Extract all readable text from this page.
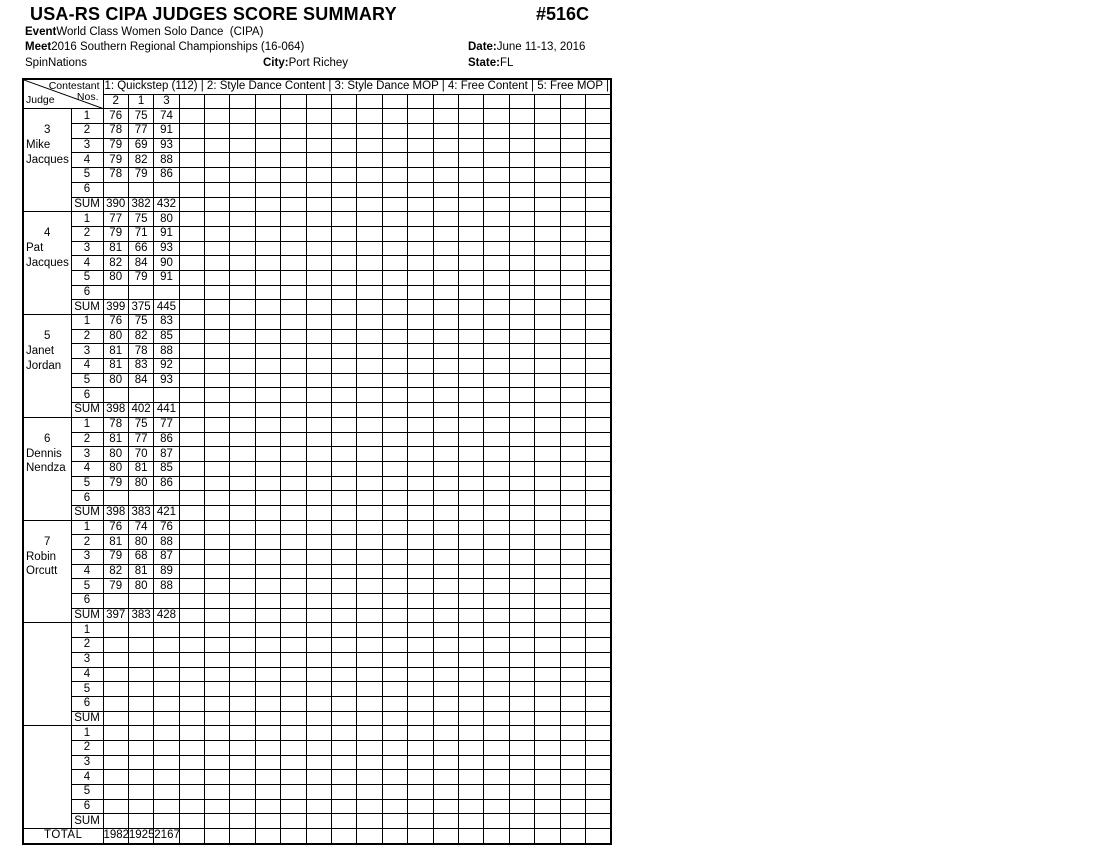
USA-RS CIPA JUDGES SCORE SUMMARY	#516C
EventWorld Class Women Solo Dance  (CIPA)
Meet2016 Southern Regional Championships (16-064)	Date:June 11-13, 2016
SpinNations	City:Port Richey	State:FL
Contestant
Nos.
Judge		1: Quickstep (112) | 2: Style Dance Content | 3: Style Dance MOP | 4: Free Content | 5: Free MOP |																			
		2	1	3																	

3
Mike
Jacques	1	76	75	74																	
	2	78	77	91																	
	3	79	69	93																	
	4	79	82	88																	
	5	78	79	86																	
	6																				
	SUM	390	382	432																	

4
Pat
Jacques	1	77	75	80																	
	2	79	71	91																	
	3	81	66	93																	
	4	82	84	90																	
	5	80	79	91																	
	6																				
	SUM	399	375	445																	

5
Janet
Jordan	1	76	75	83																	
	2	80	82	85																	
	3	81	78	88																	
	4	81	83	92																	
	5	80	84	93																	
	6																				
	SUM	398	402	441																	

6
Dennis
Nendza	1	78	75	77																	
	2	81	77	86																	
	3	80	70	87																	
	4	80	81	85																	
	5	79	80	86																	
	6																				
	SUM	398	383	421																	

7
Robin
Orcutt	1	76	74	76																	
	2	81	80	88																	
	3	79	68	87																	
	4	82	81	89																	
	5	79	80	88																	
	6																				
	SUM	397	383	428																	

	1																				
	2																				
	3																				
	4																				
	5																				
	6																				
	SUM																				

	1																				
	2																				
	3																				
	4																				
	5																				
	6																				
	SUM																				
TOTAL		1982	1925	2167																	
